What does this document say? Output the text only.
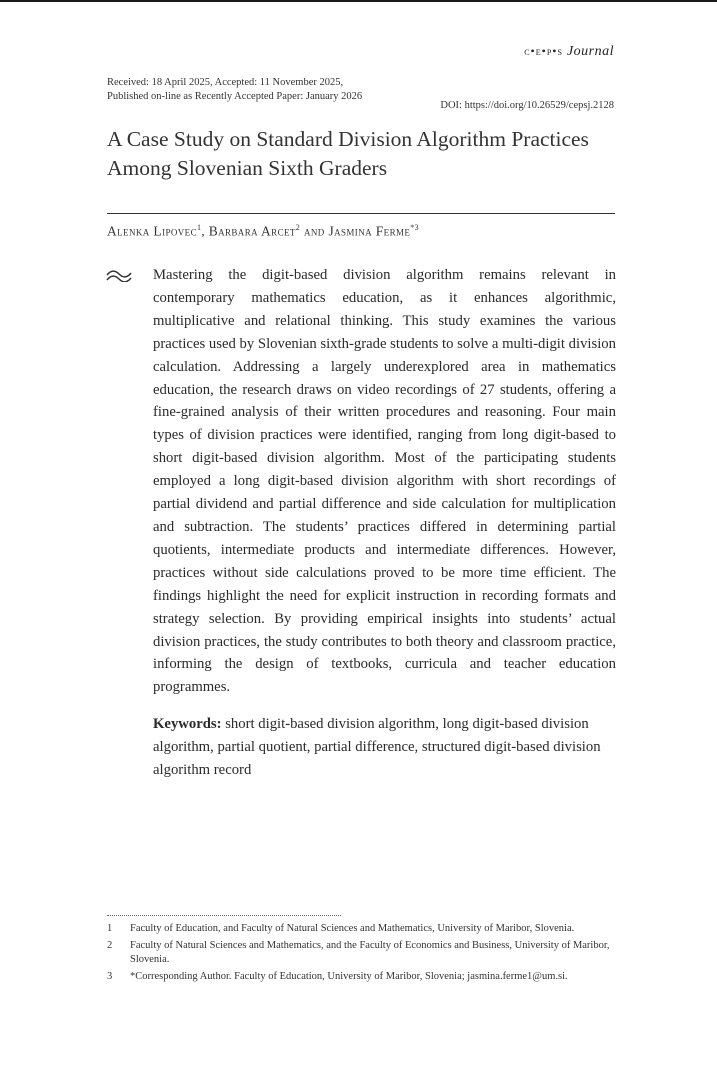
c•e•p•s Journal
Received: 18 April 2025, Accepted: 11 November 2025,
Published on-line as Recently Accepted Paper: January 2026
DOI: https://doi.org/10.26529/cepsj.2128
A Case Study on Standard Division Algorithm Practices Among Slovenian Sixth Graders
Alenka Lipovec$^1$, Barbara Arcet$^2$ and Jasmina Ferme$^{*3}$

Mastering the digit-based division algorithm remains relevant in contemporary mathematics education, as it enhances algorithmic, multiplicative and relational thinking. This study examines the various practices used by Slovenian sixth-grade students to solve a multi-digit division calculation. Addressing a largely underexplored area in mathematics education, the research draws on video recordings of 27 students, offering a fine-grained analysis of their written procedures and reasoning. Four main types of division practices were identified, ranging from long digit-based to short digit-based division algorithm. Most of the participating students employed a long digit-based division algorithm with short recordings of partial dividend and partial difference and side calculation for multiplication and subtraction. The students’ practices differed in determining partial quotients, intermediate products and intermediate differences. However, practices without side calculations proved to be more time efficient. The findings highlight the need for explicit instruction in recording formats and strategy selection. By providing empirical insights into students’ actual division practices, the study contributes to both theory and classroom practice, informing the design of textbooks, curricula and teacher education programmes.

Keywords: short digit-based division algorithm, long digit-based division algorithm, partial quotient, partial difference, structured digit-based division algorithm record

1	Faculty of Education, and Faculty of Natural Sciences and Mathematics, University of Maribor, Slovenia.
2	Faculty of Natural Sciences and Mathematics, and the Faculty of Economics and Business, University of Maribor, Slovenia.
3	*Corresponding Author. Faculty of Education, University of Maribor, Slovenia; jasmina.ferme1@um.si.
